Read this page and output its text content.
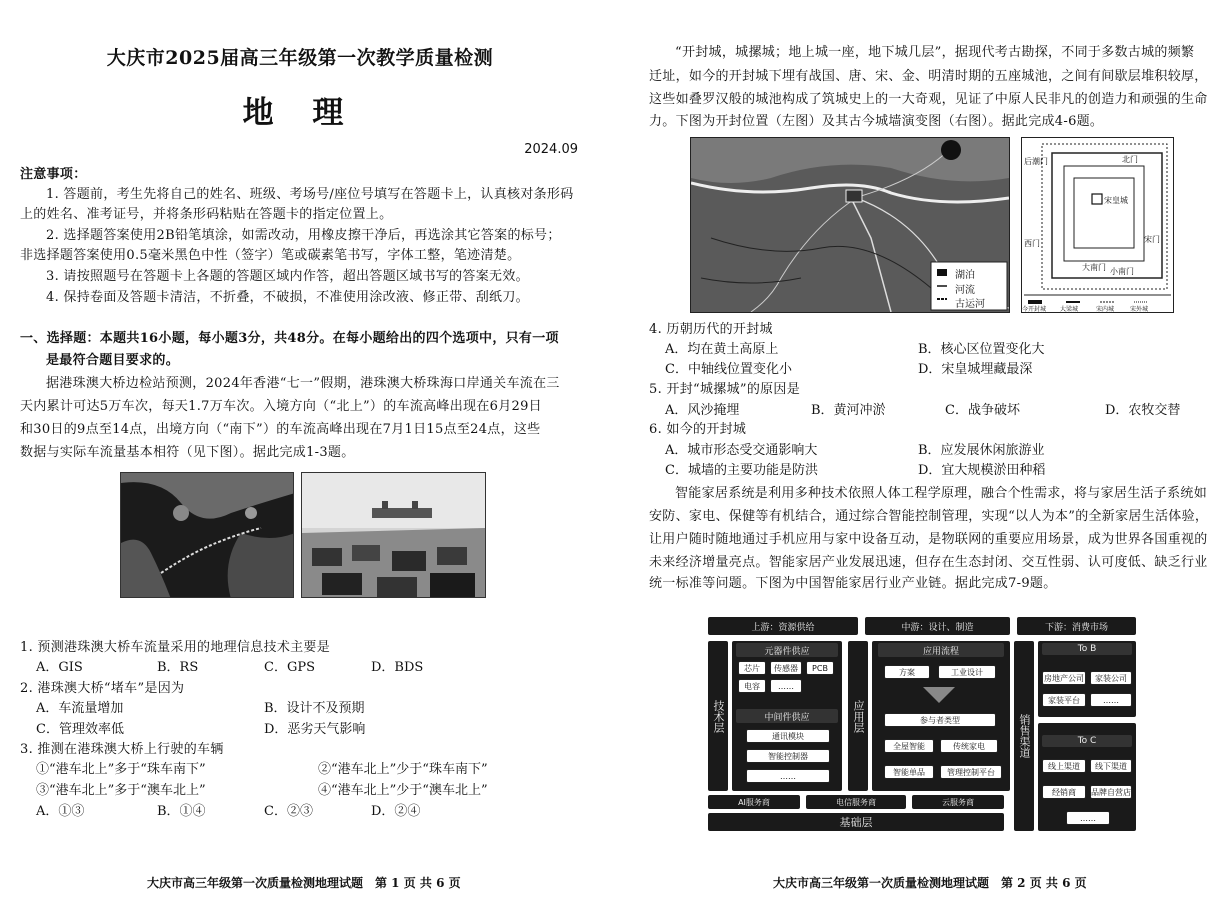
大庆市2025届高三年级第一次教学质量检测
地 理
2024.09
注意事项：
1. 答题前，考生先将自己的姓名、班级、考场号/座位号填写在答题卡上，认真核对条形码
上的姓名、准考证号，并将条形码粘贴在答题卡的指定位置上。
2. 选择题答案使用2B铅笔填涂，如需改动，用橡皮擦干净后，再选涂其它答案的标号；
非选择题答案使用0.5毫米黑色中性（签字）笔或碳素笔书写，字体工整，笔迹清楚。
3. 请按照题号在答题卡上各题的答题区域内作答，超出答题区域书写的答案无效。
4. 保持卷面及答题卡清洁，不折叠，不破损，不准使用涂改液、修正带、刮纸刀。
一、选择题：本题共16小题，每小题3分，共48分。在每小题给出的四个选项中，只有一项
是最符合题目要求的。
据港珠澳大桥边检站预测，2024年香港“七一”假期，港珠澳大桥珠海口岸通关车流在三
天内累计可达5万车次，每天1.7万车次。入境方向（“北上”）的车流高峰出现在6月29日
和30日的9点至14点，出境方向（“南下”）的车流高峰出现在7月1日15点至24点，这些
数据与实际车流量基本相符（见下图）。据此完成1-3题。
1. 预测港珠澳大桥车流量采用的地理信息技术主要是
A．GIS	B．RS	C．GPS	D．BDS
2. 港珠澳大桥“堵车”是因为
A．车流量增加	B．设计不及预期
C．管理效率低	D．恶劣天气影响
3. 推测在港珠澳大桥上行驶的车辆
①“港车北上”多于“珠车南下”	②“港车北上”少于“珠车南下”
③“港车北上”多于“澳车北上”	④“港车北上”少于“澳车北上”
A．①③	B．①④	C．②③	D．②④
大庆市高三年级第一次质量检测地理试题　第 1 页 共 6 页
“开封城，城摞城；地上城一座，地下城几层”，据现代考古勘探，不同于多数古城的频繁
迁址，如今的开封城下埋有战国、唐、宋、金、明清时期的五座城池，之间有间歇层堆积较厚，
这些如叠罗汉般的城池构成了筑城史上的一大奇观，见证了中原人民非凡的创造力和顽强的生命
力。下图为开封位置（左图）及其古今城墙演变图（右图）。据此完成4-6题。
湖泊
河流
古运河
后潮门	北门
宋皇城
西门	宋门
大南门 小南门
今开封城 大梁城	宋内城	宋外城
4. 历朝历代的开封城
A．均在黄土高原上	B．核心区位置变化大
C．中轴线位置变化小	D．宋皇城埋藏最深
5. 开封“城摞城”的原因是
A．风沙掩埋	B．黄河冲淤	C．战争破坏	D．农牧交替
6. 如今的开封城
A．城市形态受交通影响大	B．应发展休闲旅游业
C．城墙的主要功能是防洪	D．宜大规模淤田种稻
智能家居系统是利用多种技术依照人体工程学原理，融合个性需求，将与家居生活子系统如
安防、家电、保健等有机结合，通过综合智能控制管理，实现“以人为本”的全新家居生活体验，
让用户随时随地通过手机应用与家中设备互动，是物联网的重要应用场景，成为世界各国重视的
未来经济增量亮点。智能家居产业发展迅速，但存在生态封闭、交互性弱、认可度低、缺乏行业
统一标准等问题。下图为中国智能家居行业产业链。据此完成7-9题。
上游：资源供给	中游：设计、制造	下游：消费市场
技术层
元器件供应
芯片	传感器	PCB
电容	……
中间件供应
通讯模块
智能控制器
……
应用层
应用流程
方案	工业设计
参与者类型
全屋智能	传统家电
智能单品	管理控制平台
AI服务商	电信服务商	云服务商
基础层
销售渠道
To B
房地产公司	家装公司
家装平台	……
To C
线上渠道	线下渠道
经销商	品牌自营店
……
大庆市高三年级第一次质量检测地理试题　第 2 页 共 6 页
